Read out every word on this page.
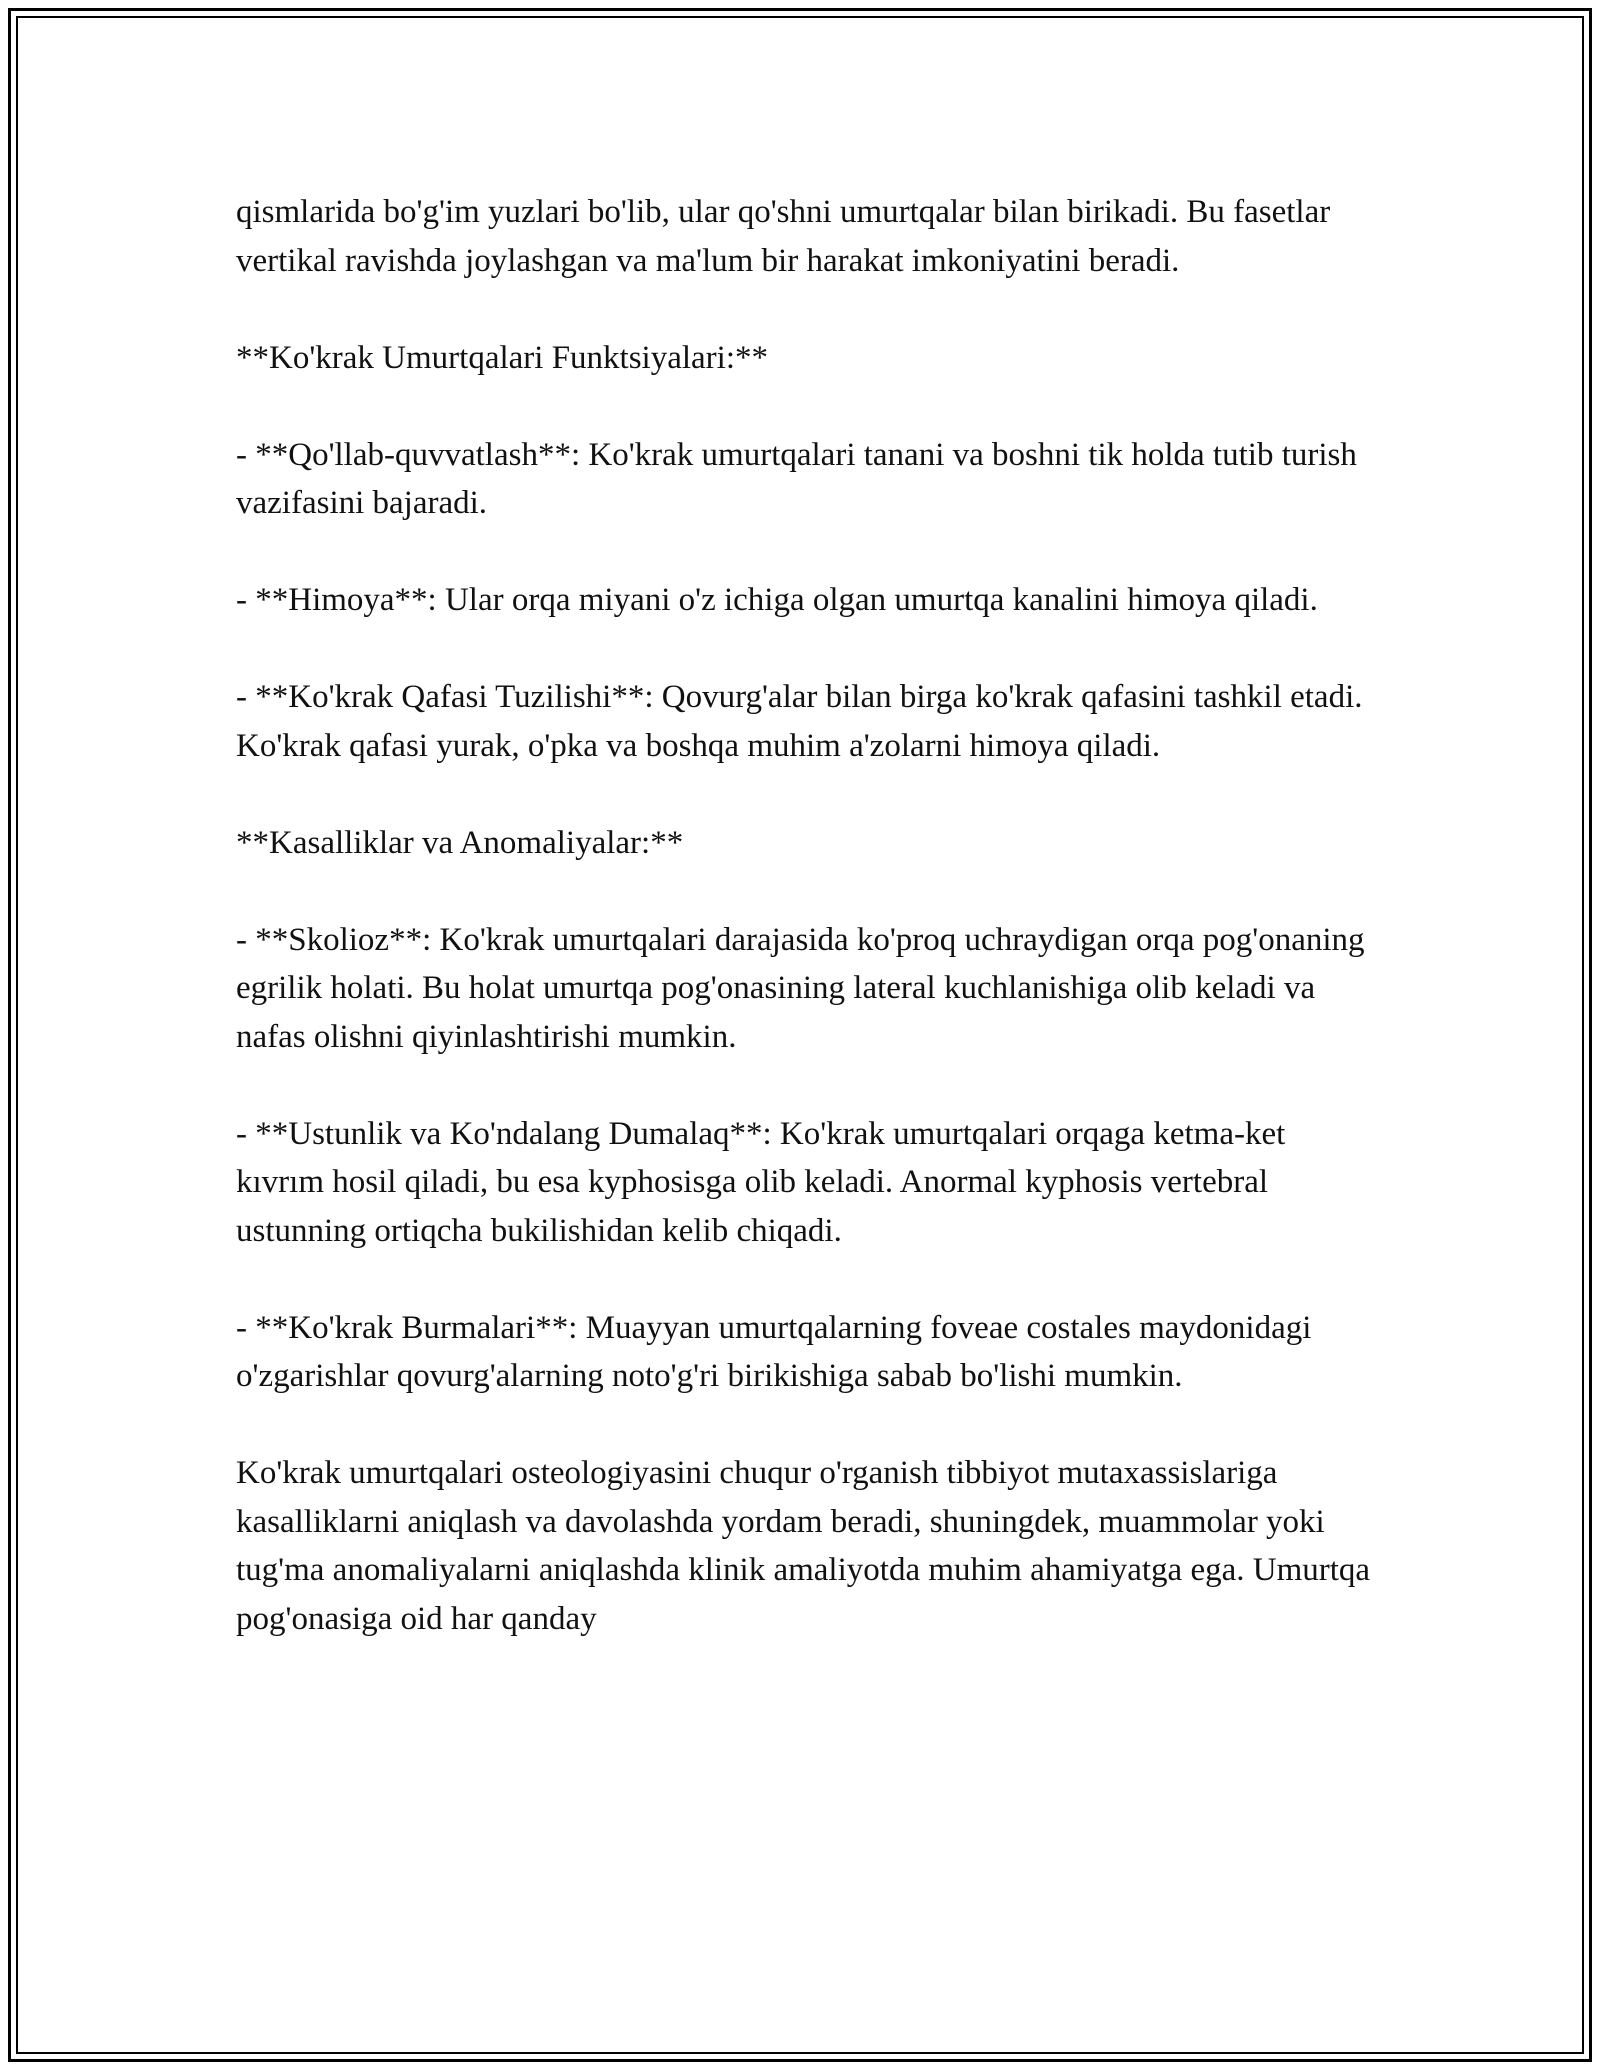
qismlarida bo'g'im yuzlari bo'lib, ular qo'shni umurtqalar bilan birikadi. Bu fasetlar vertikal ravishda joylashgan va ma'lum bir harakat imkoniyatini beradi.

**Ko'krak Umurtqalari Funktsiyalari:**

- **Qo'llab-quvvatlash**: Ko'krak umurtqalari tanani va boshni tik holda tutib turish vazifasini bajaradi.

- **Himoya**: Ular orqa miyani o'z ichiga olgan umurtqa kanalini himoya qiladi.

- **Ko'krak Qafasi Tuzilishi**: Qovurg'alar bilan birga ko'krak qafasini tashkil etadi. Ko'krak qafasi yurak, o'pka va boshqa muhim a'zolarni himoya qiladi.

**Kasalliklar va Anomaliyalar:**

- **Skolioz**: Ko'krak umurtqalari darajasida ko'proq uchraydigan orqa pog'onaning egrilik holati. Bu holat umurtqa pog'onasining lateral kuchlanishiga olib keladi va nafas olishni qiyinlashtirishi mumkin.

- **Ustunlik va Ko'ndalang Dumalaq**: Ko'krak umurtqalari orqaga ketma-ket kıvrım hosil qiladi, bu esa kyphosisga olib keladi. Anormal kyphosis vertebral ustunning ortiqcha bukilishidan kelib chiqadi.

- **Ko'krak Burmalari**: Muayyan umurtqalarning foveae costales maydonidagi o'zgarishlar qovurg'alarning noto'g'ri birikishiga sabab bo'lishi mumkin.

Ko'krak umurtqalari osteologiyasini chuqur o'rganish tibbiyot mutaxassislariga kasalliklarni aniqlash va davolashda yordam beradi, shuningdek, muammolar yoki tug'ma anomaliyalarni aniqlashda klinik amaliyotda muhim ahamiyatga ega. Umurtqa pog'onasiga oid har qanday
